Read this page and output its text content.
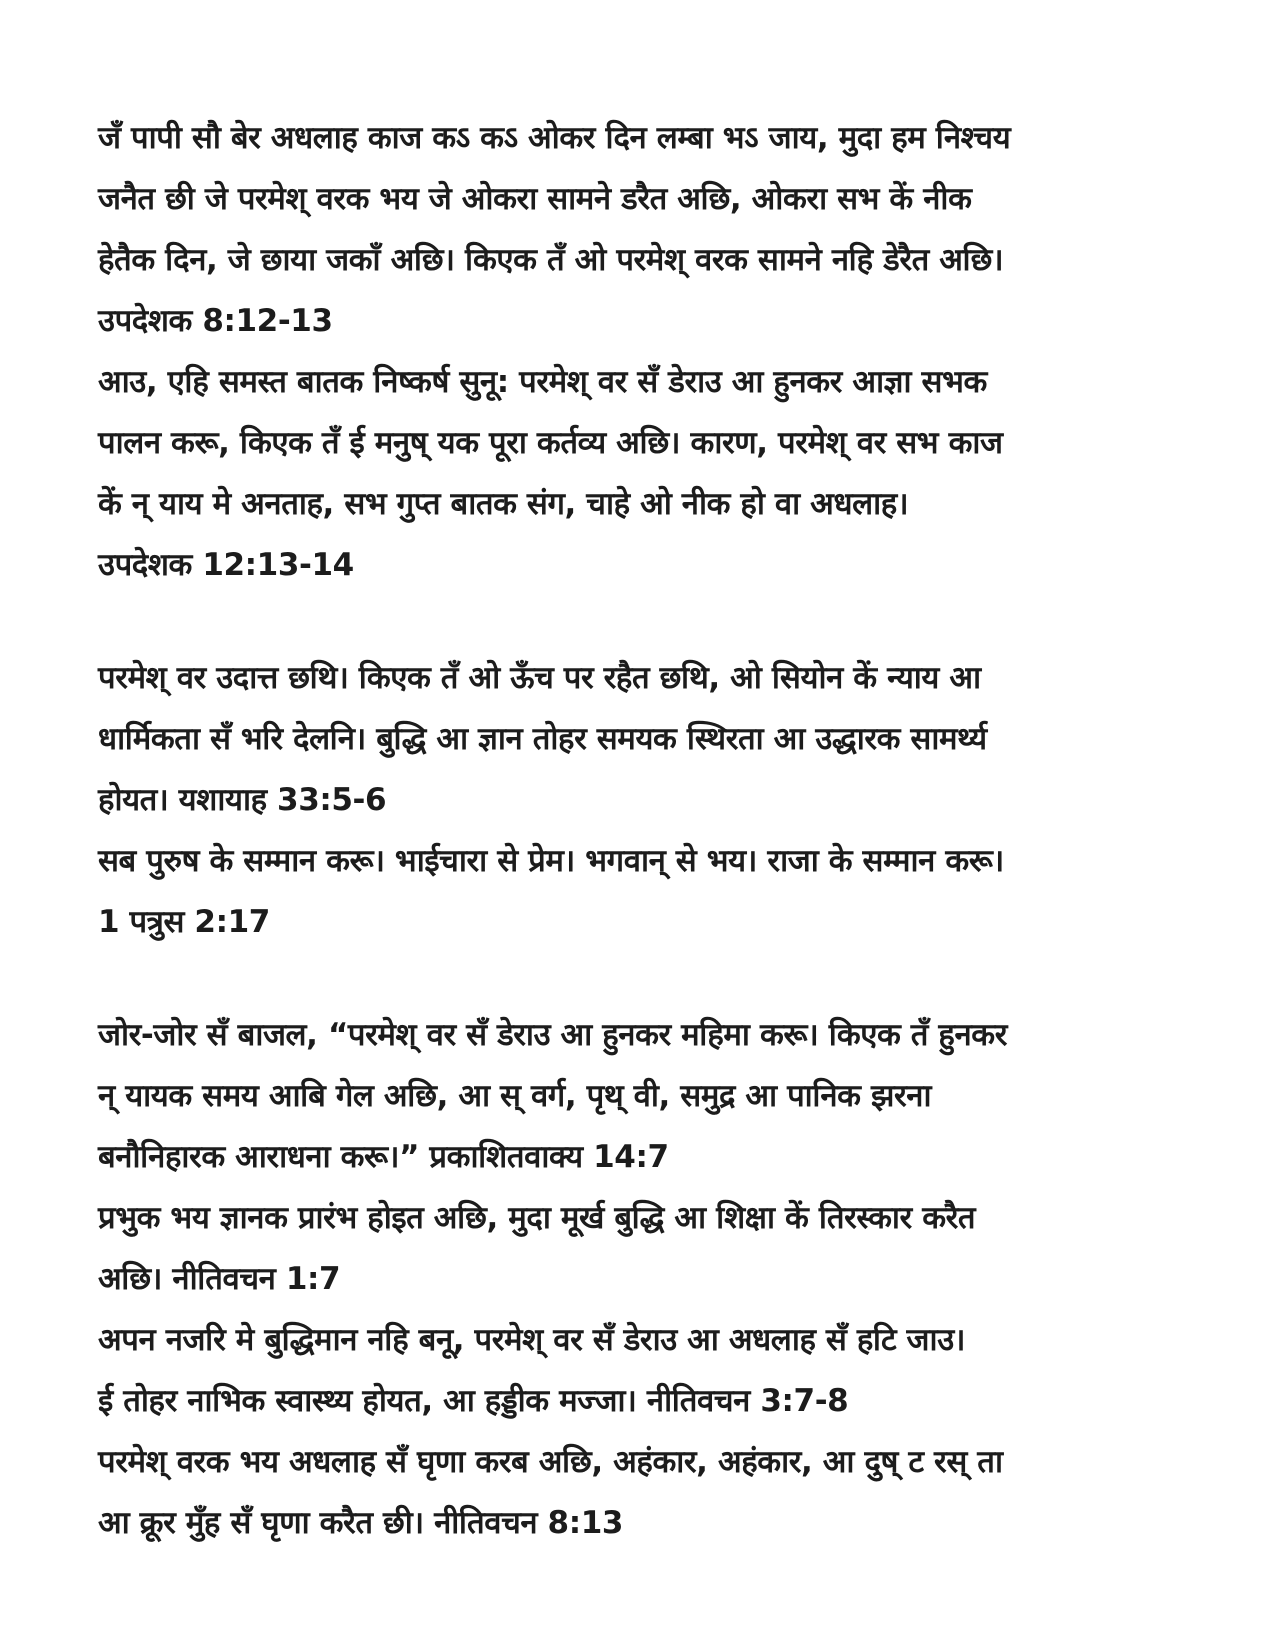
जँ पापी सौ बेर अधलाह काज कऽ कऽ ओकर दिन लम्बा भऽ जाय, मुदा हम निश्चय
जनैत छी जे परमेश् वरक भय जे ओकरा सामने डरैत अछि, ओकरा सभ कें नीक
हेतैक दिन, जे छाया जकाँ अछि। किएक तँ ओ परमेश् वरक सामने नहि डेरैत अछि।
उपदेशक 8:12-13
आउ, एहि समस्त बातक निष्कर्ष सुनू: परमेश् वर सँ डेराउ आ हुनकर आज्ञा सभक
पालन करू, किएक तँ ई मनुष् यक पूरा कर्तव्य अछि। कारण, परमेश् वर सभ काज
कें न् याय मे अनताह, सभ गुप्त बातक संग, चाहे ओ नीक हो वा अधलाह।
उपदेशक 12:13-14
परमेश् वर उदात्त छथि। किएक तँ ओ ऊँच पर रहैत छथि, ओ सियोन कें न्याय आ
धार्मिकता सँ भरि देलनि। बुद्धि आ ज्ञान तोहर समयक स्थिरता आ उद्धारक सामर्थ्य
होयत। यशायाह 33:5-6
सब पुरुष के सम्मान करू। भाईचारा से प्रेम। भगवान् से भय। राजा के सम्मान करू।
1 पत्रुस 2:17
जोर-जोर सँ बाजल, “परमेश् वर सँ डेराउ आ हुनकर महिमा करू। किएक तँ हुनकर
न् यायक समय आबि गेल अछि, आ स् वर्ग, पृथ् वी, समुद्र आ पानिक झरना
बनौनिहारक आराधना करू।” प्रकाशितवाक्य 14:7
प्रभुक भय ज्ञानक प्रारंभ होइत अछि, मुदा मूर्ख बुद्धि आ शिक्षा कें तिरस्कार करैत
अछि। नीतिवचन 1:7
अपन नजरि मे बुद्धिमान नहि बनू, परमेश् वर सँ डेराउ आ अधलाह सँ हटि जाउ।
ई तोहर नाभिक स्वास्थ्य होयत, आ हड्डीक मज्जा। नीतिवचन 3:7-8
परमेश् वरक भय अधलाह सँ घृणा करब अछि, अहंकार, अहंकार, आ दुष् ट रस् ता
आ क्रूर मुँह सँ घृणा करैत छी। नीतिवचन 8:13
